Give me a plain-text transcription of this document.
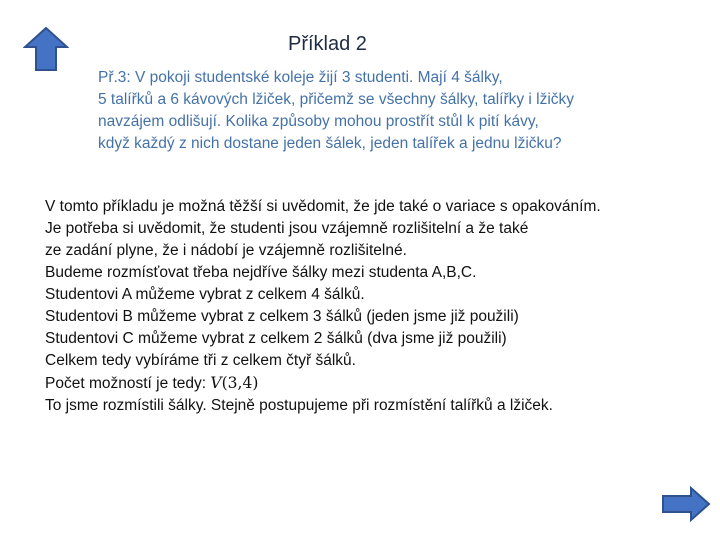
Příklad 2
Př.3: V pokoji studentské koleje žijí 3 studenti. Mají 4 šálky,
5 talířků a 6 kávových lžiček, přičemž se všechny šálky, talířky i lžičky
navzájem odlišují. Kolika způsoby mohou prostřít stůl k pití kávy,
když každý z nich dostane jeden šálek, jeden talířek a jednu lžičku?
V tomto příkladu je možná těžší si uvědomit, že jde také o variace s opakováním.
Je potřeba si uvědomit, že studenti jsou vzájemně rozlišitelní a že také
ze zadání plyne, že i nádobí je vzájemně rozlišitelné.
Budeme rozmísťovat třeba nejdříve šálky mezi studenta A,B,C.
Studentovi A můžeme vybrat z celkem 4 šálků.
Studentovi B můžeme vybrat z celkem 3 šálků (jeden jsme již použili)
Studentovi C můžeme vybrat z celkem 2 šálků (dva jsme již použili)
Celkem tedy vybíráme tři z celkem čtyř šálků.
Počet možností je tedy: V(3,4)
To jsme rozmístili šálky. Stejně postupujeme při rozmístění talířků a lžiček.
